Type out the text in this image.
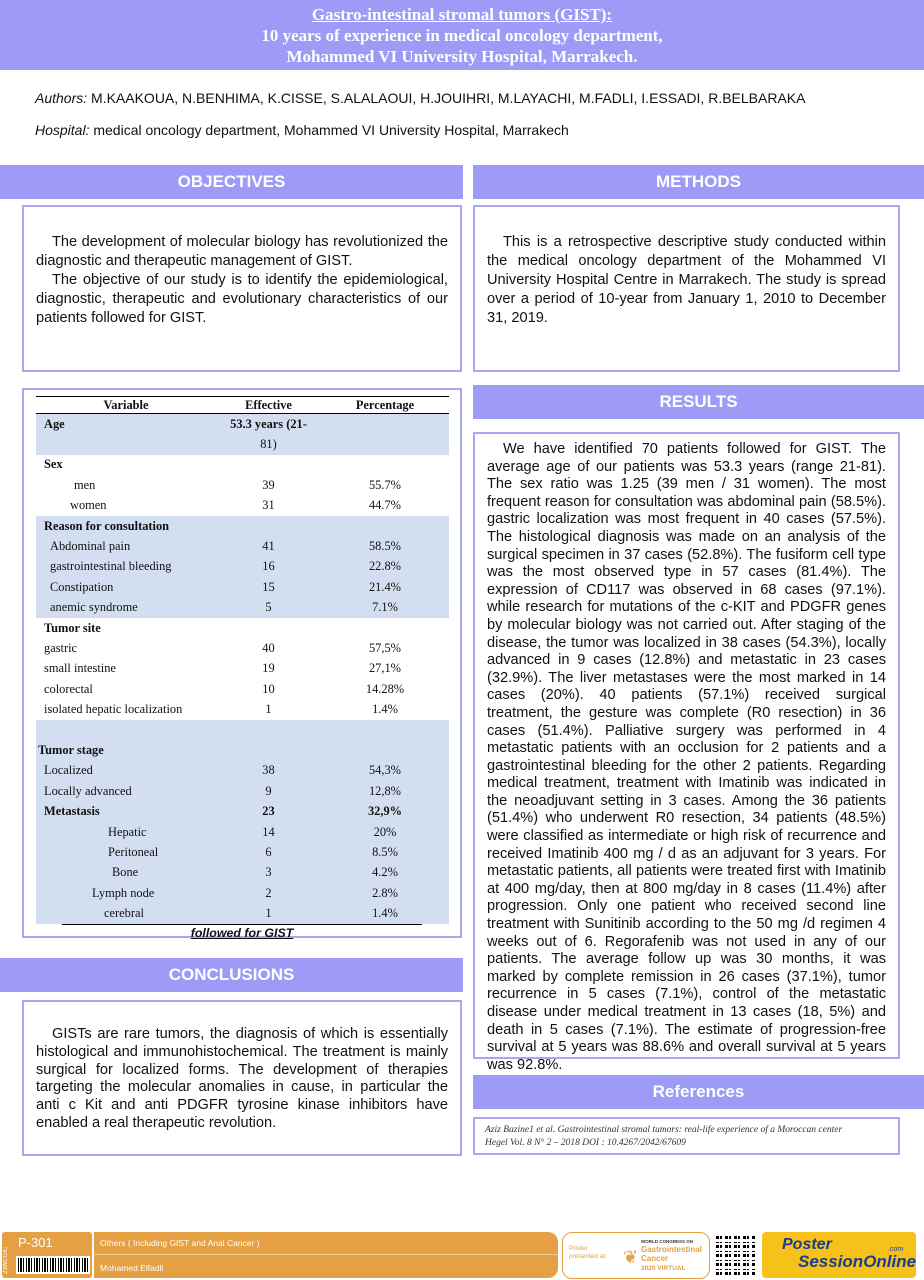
Gastro-intestinal stromal tumors (GIST):
10 years of experience in medical oncology department,
Mohammed VI University Hospital, Marrakech.
Authors: M.KAAKOUA, N.BENHIMA, K.CISSE, S.ALALAOUI, H.JOUIHRI, M.LAYACHI, M.FADLI, I.ESSADI, R.BELBARAKA
Hospital: medical oncology department, Mohammed VI University Hospital, Marrakech
OBJECTIVES

The development of molecular biology has revolutionized the diagnostic and therapeutic management of GIST.

The objective of our study is to identify the epidemiological, diagnostic, therapeutic and evolutionary characteristics of our patients followed for GIST.

METHODS

This is a retrospective descriptive study conducted within the medical oncology department of the Mohammed VI University Hospital Centre in Marrakech. The study is spread over a period of 10-year from January 1, 2010 to December 31, 2019.

Variable	Effective	Percentage
Age	53.3 years (21-	
	81)	
Sex		
men	39	55.7%
women	31	44.7%
Reason for consultation		
Abdominal pain	41	58.5%
gastrointestinal bleeding	16	22.8%
Constipation	15	21.4%
anemic syndrome	5	7.1%
Tumor site		
gastric	40	57,5%
small intestine	19	27,1%
colorectal	10	14.28%
isolated hepatic localization	1	1.4%

Tumor stage		
Localized	38	54,3%
Locally advanced	9	12,8%
Metastasis	23	32,9%
Hepatic	14	20%
Peritoneal	6	8.5%
Bone	3	4.2%
Lymph node	2	2.8%
cerebral	1	1.4%
followed for GIST
CONCLUSIONS

GISTs are rare tumors, the diagnosis of which is essentially histological and immunohistochemical. The treatment is mainly surgical for localized forms. The development of therapies targeting the molecular anomalies in cause, in particular the anti c Kit and anti PDGFR tyrosine kinase inhibitors have enabled a real therapeutic revolution.

RESULTS

We have identified 70 patients followed for GIST. The average age of our patients was 53.3 years (range 21-81). The sex ratio was 1.25 (39 men / 31 women). The most frequent reason for consultation was abdominal pain (58.5%). gastric localization was most frequent in 40 cases (57.5%). The histological diagnosis was made on an analysis of the surgical specimen in 37 cases (52.8%). The fusiform cell type was the most observed type in 57 cases (81.4%). The expression of CD117 was observed in 68 cases (97.1%). while research for mutations of the c-KIT and PDGFR genes by molecular biology was not carried out. After staging of the disease, the tumor was localized in 38 cases (54.3%), locally advanced in 9 cases (12.8%) and metastatic in 23 cases (32.9%). The liver metastases were the most marked in 14 cases (20%). 40 patients (57.1%) received surgical treatment, the gesture was complete (R0 resection) in 36 cases (51.4%). Palliative surgery was performed in 4 metastatic patients with an occlusion for 2 patients and a gastrointestinal bleeding for the other 2 patients. Regarding medical treatment, treatment with Imatinib was indicated in the neoadjuvant setting in 3 cases. Among the 36 patients (51.4%) who underwent R0 resection, 34 patients (48.5%) were classified as intermediate or high risk of recurrence and received Imatinib 400 mg / d as an adjuvant for 3 years. For metastatic patients, all patients were treated first with Imatinib at 400 mg/day, then at 800 mg/day in 8 cases (11.4%) after progression. Only one patient who received second line treatment with Sunitinib according to the 50 mg /d regimen 4 weeks out of 6. Regorafenib was not used in any of our patients. The average follow up was 30 months, it was marked by complete remission in 26 cases (37.1%), tumor recurrence in 5 cases (7.1%), control of the metastatic disease under medical treatment in 13 cases (18, 5%) and death in 5 cases (7.1%). The estimate of progression-free survival at 5 years was 88.6% and overall survival at 5 years was 92.8%.

References
Aziz Bazine1 et al. Gastrointestinal stromal tumors: real-life experience of a Moroccan center
Hegel Vol. 8 N° 2 – 2018 DOI : 10.4267/2042/67609
23WCGIC
P-301	Others ( Including GIST and Anal Cancer )
Mohamed Elfadli
Poster presented at: ❦
WORLD CONGRESS ON
Gastrointestinal
Cancer
2020 VIRTUAL
Poster
SessionOnline
.com
